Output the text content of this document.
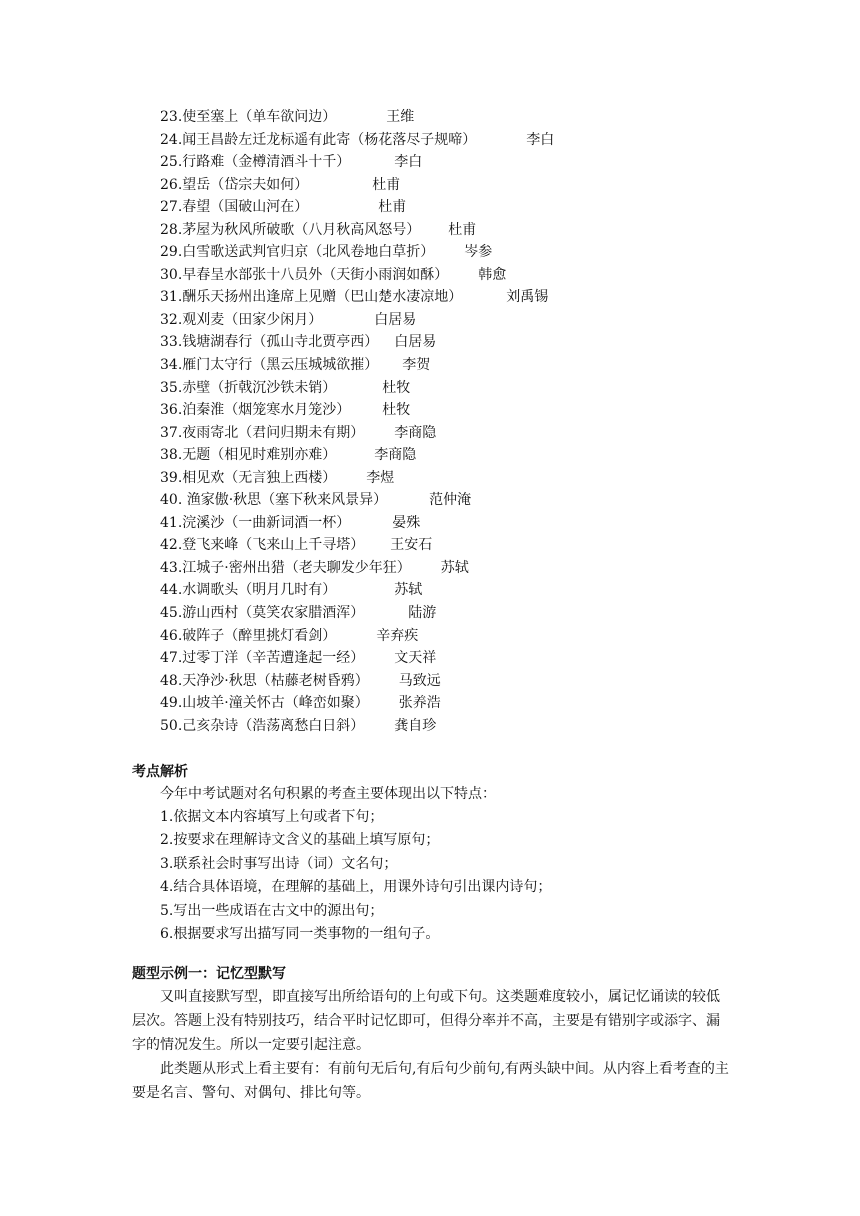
23.使至塞上（单车欲问边）	王维
24.闻王昌龄左迁龙标遥有此寄（杨花落尽子规啼）	李白
25.行路难（金樽清酒斗十千）	李白
26.望岳（岱宗夫如何）	杜甫
27.春望（国破山河在）	杜甫
28.茅屋为秋风所破歌（八月秋高风怒号） 杜甫
29.白雪歌送武判官归京（北风卷地白草折） 岑参
30.早春呈水部张十八员外（天街小雨润如酥） 韩愈
31.酬乐天扬州出逢席上见赠（巴山楚水凄凉地）	刘禹锡
32.观刈麦（田家少闲月）	白居易
33.钱塘湖春行（孤山寺北贾亭西） 白居易
34.雁门太守行（黑云压城城欲摧） 李贺
35.赤壁（折戟沉沙铁未销）	杜牧
36.泊秦淮（烟笼寒水月笼沙） 杜牧
37.夜雨寄北（君问归期未有期） 李商隐
38.无题（相见时难别亦难）	李商隐
39.相见欢（无言独上西楼） 李煜
40. 渔家傲·秋思（塞下秋来风景异）	范仲淹
41.浣溪沙（一曲新词酒一杯）	晏殊
42.登飞来峰（飞来山上千寻塔） 王安石
43.江城子·密州出猎（老夫聊发少年狂） 苏轼
44.水调歌头（明月几时有）	苏轼
45.游山西村（莫笑农家腊酒浑）	陆游
46.破阵子（醉里挑灯看剑）	辛弃疾
47.过零丁洋（辛苦遭逢起一经） 文天祥
48.天净沙·秋思（枯藤老树昏鸦） 马致远
49.山坡羊·潼关怀古（峰峦如聚） 张养浩
50.己亥杂诗（浩荡离愁白日斜） 龚自珍
考点解析
今年中考试题对名句积累的考查主要体现出以下特点：
1.依据文本内容填写上句或者下句；
2.按要求在理解诗文含义的基础上填写原句；
3.联系社会时事写出诗（词）文名句；
4.结合具体语境，在理解的基础上，用课外诗句引出课内诗句；
5.写出一些成语在古文中的源出句；
6.根据要求写出描写同一类事物的一组句子。
题型示例一：记忆型默写

又叫直接默写型，即直接写出所给语句的上句或下句。这类题难度较小，属记忆诵读的较低层次。答题上没有特别技巧，结合平时记忆即可，但得分率并不高，主要是有错别字或添字、漏字的情况发生。所以一定要引起注意。

此类题从形式上看主要有：有前句无后句,有后句少前句,有两头缺中间。从内容上看考查的主要是名言、警句、对偶句、排比句等。
